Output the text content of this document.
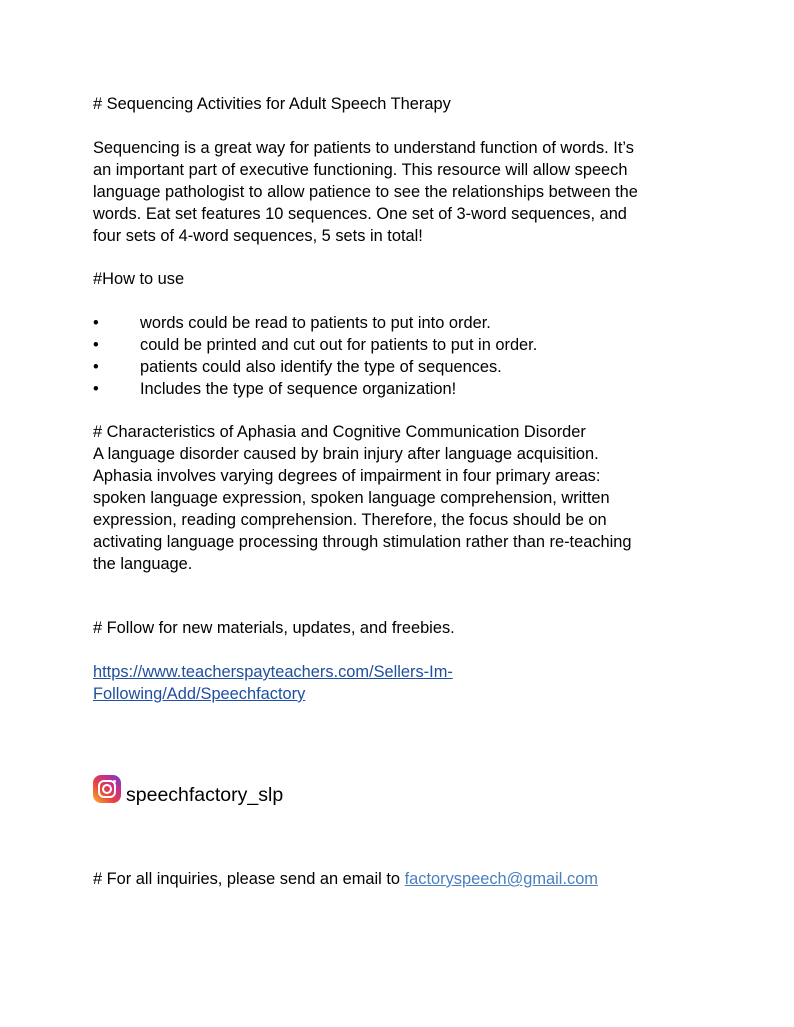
# Sequencing Activities for Adult Speech Therapy
Sequencing is a great way for patients to understand function of words. It’s
an important part of executive functioning. This resource will allow speech
language pathologist to allow patience to see the relationships between the
words. Eat set features 10 sequences. One set of 3-word sequences, and
four sets of 4-word sequences, 5 sets in total!
#How to use
•	words could be read to patients to put into order.
•	could be printed and cut out for patients to put in order.
•	patients could also identify the type of sequences.
•	Includes the type of sequence organization!
# Characteristics of Aphasia and Cognitive Communication Disorder
A language disorder caused by brain injury after language acquisition.
Aphasia involves varying degrees of impairment in four primary areas:
spoken language expression, spoken language comprehension, written
expression, reading comprehension. Therefore, the focus should be on
activating language processing through stimulation rather than re-teaching
the language.
# Follow for new materials, updates, and freebies.
https://www.teacherspayteachers.com/Sellers-Im-
Following/Add/Speechfactory
speechfactory_slp
# For all inquiries, please send an email to factoryspeech@gmail.com
